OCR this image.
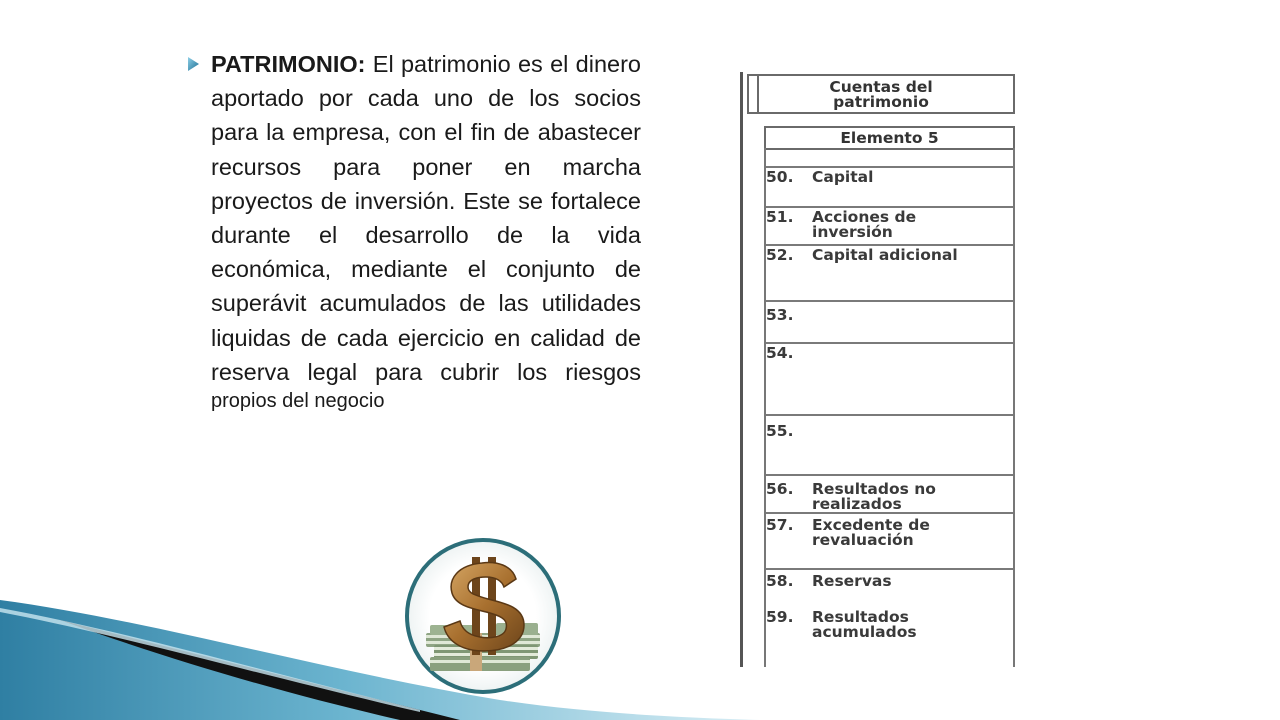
PATRIMONIO: El patrimonio es el dinero aportado por cada uno de los socios para la empresa, con el fin de abastecer recursos para poner en marcha proyectos de inversión. Este se fortalece durante el desarrollo de la vida económica, mediante el conjunto de superávit acumulados de las utilidades liquidas de cada ejercicio en calidad de reserva legal para cubrir los riesgos

propios del negocio
Cuentas del
patrimonio
Elemento 5
50. Capital
51. Acciones de inversión
52. Capital adicional
53.
54.
55.
56. Resultados no realizados
57. Excedente de revaluación
58. Reservas
59. Resultados acumulados
